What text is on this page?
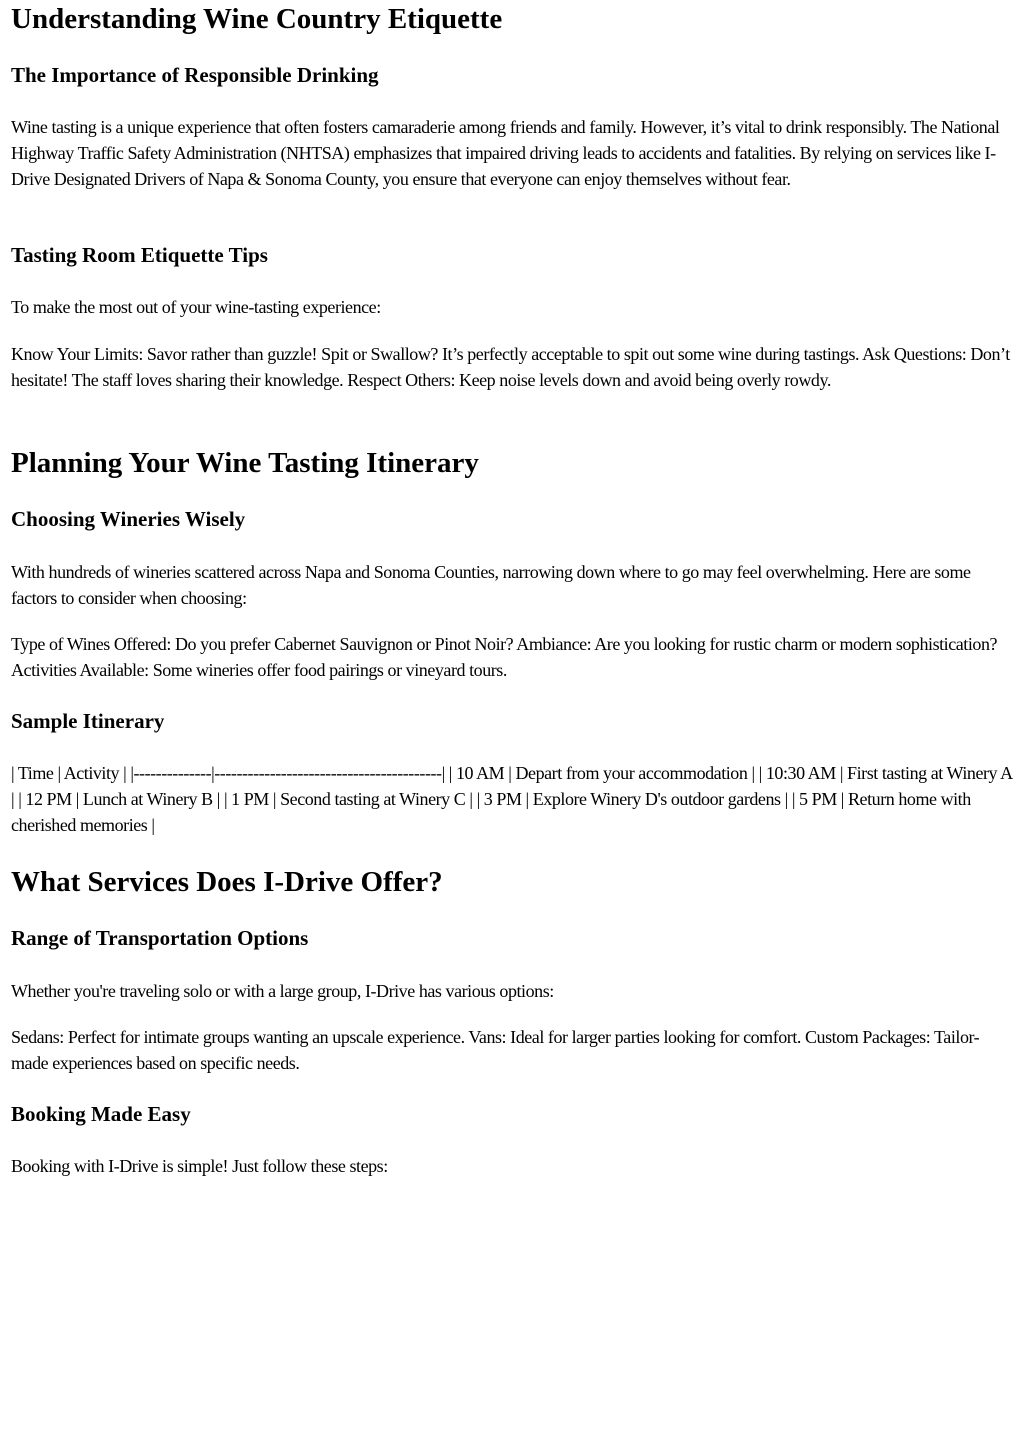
Understanding Wine Country Etiquette
The Importance of Responsible Drinking

Wine tasting is a unique experience that often fosters camaraderie among friends and family. However, it’s vital to drink responsibly. The National Highway Traffic Safety Administration (NHTSA) emphasizes that impaired driving leads to accidents and fatalities. By relying on services like I-Drive Designated Drivers of Napa & Sonoma County, you ensure that everyone can enjoy themselves without fear.

Tasting Room Etiquette Tips

To make the most out of your wine-tasting experience:

Know Your Limits: Savor rather than guzzle! Spit or Swallow? It’s perfectly acceptable to spit out some wine during tastings. Ask Questions: Don’t hesitate! The staff loves sharing their knowledge. Respect Others: Keep noise levels down and avoid being overly rowdy.

Planning Your Wine Tasting Itinerary
Choosing Wineries Wisely

With hundreds of wineries scattered across Napa and Sonoma Counties, narrowing down where to go may feel overwhelming. Here are some factors to consider when choosing:

Type of Wines Offered: Do you prefer Cabernet Sauvignon or Pinot Noir? Ambiance: Are you looking for rustic charm or modern sophistication? Activities Available: Some wineries offer food pairings or vineyard tours.

Sample Itinerary

| Time | Activity | |--------------|-----------------------------------------| | 10 AM | Depart from your accommodation | | 10:30 AM | First tasting at Winery A | | 12 PM | Lunch at Winery B | | 1 PM | Second tasting at Winery C | | 3 PM | Explore Winery D's outdoor gardens | | 5 PM | Return home with cherished memories |

What Services Does I-Drive Offer?
Range of Transportation Options

Whether you're traveling solo or with a large group, I-Drive has various options:

Sedans: Perfect for intimate groups wanting an upscale experience. Vans: Ideal for larger parties looking for comfort. Custom Packages: Tailor-made experiences based on specific needs.

Booking Made Easy

Booking with I-Drive is simple! Just follow these steps:
